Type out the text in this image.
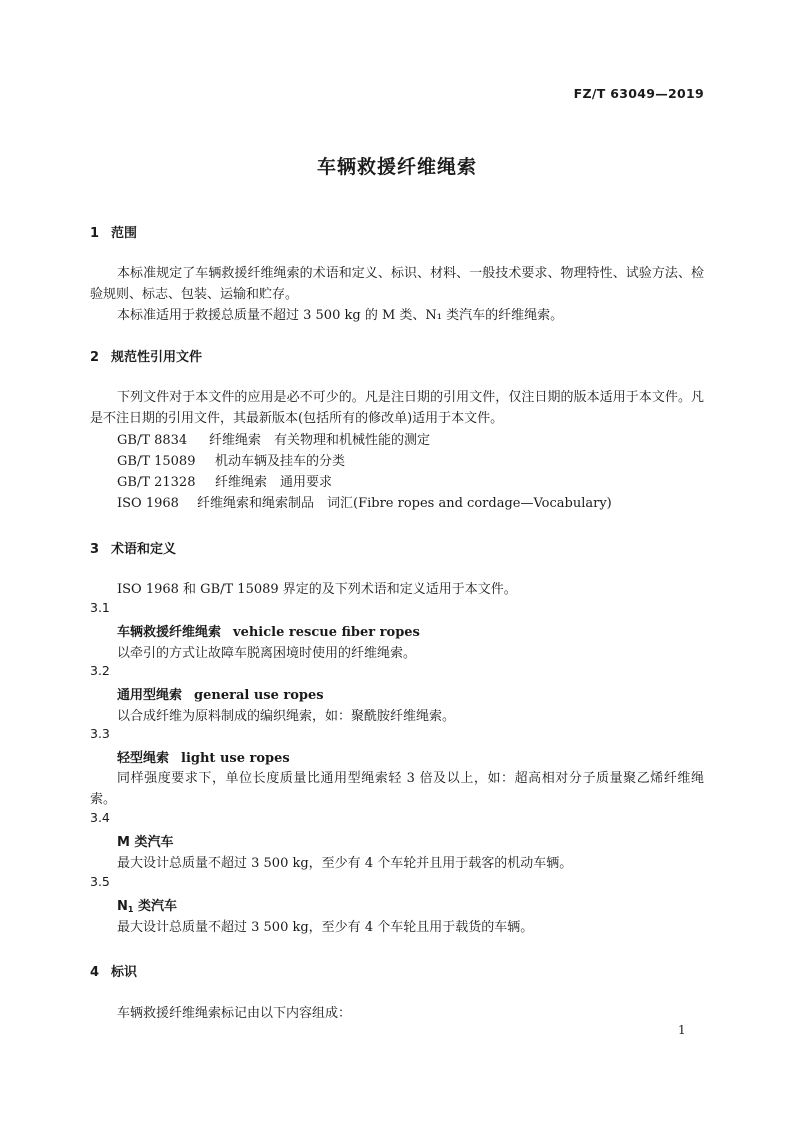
FZ/T 63049—2019
车辆救援纤维绳索
1 范围
本标准规定了车辆救援纤维绳索的术语和定义、标识、材料、一般技术要求、物理特性、试验方法、检验规则、标志、包装、运输和贮存。
本标准适用于救援总质量不超过 3 500 kg 的 M 类、N₁ 类汽车的纤维绳索。
2 规范性引用文件
下列文件对于本文件的应用是必不可少的。凡是注日期的引用文件，仅注日期的版本适用于本文件。凡是不注日期的引用文件，其最新版本(包括所有的修改单)适用于本文件。
GB/T 8834 纤维绳索　有关物理和机械性能的测定
GB/T 15089 机动车辆及挂车的分类
GB/T 21328 纤维绳索　通用要求
ISO 1968 纤维绳索和绳索制品　词汇(Fibre ropes and cordage—Vocabulary)
3 术语和定义
ISO 1968 和 GB/T 15089 界定的及下列术语和定义适用于本文件。
3.1
车辆救援纤维绳索 vehicle rescue fiber ropes
以牵引的方式让故障车脱离困境时使用的纤维绳索。
3.2
通用型绳索 general use ropes
以合成纤维为原料制成的编织绳索，如：聚酰胺纤维绳索。
3.3
轻型绳索 light use ropes
同样强度要求下，单位长度质量比通用型绳索轻 3 倍及以上，如：超高相对分子质量聚乙烯纤维绳索。
3.4
M 类汽车
最大设计总质量不超过 3 500 kg，至少有 4 个车轮并且用于载客的机动车辆。
3.5
$N_1$ 类汽车
最大设计总质量不超过 3 500 kg，至少有 4 个车轮且用于载货的车辆。
4 标识
车辆救援纤维绳索标记由以下内容组成：
1
